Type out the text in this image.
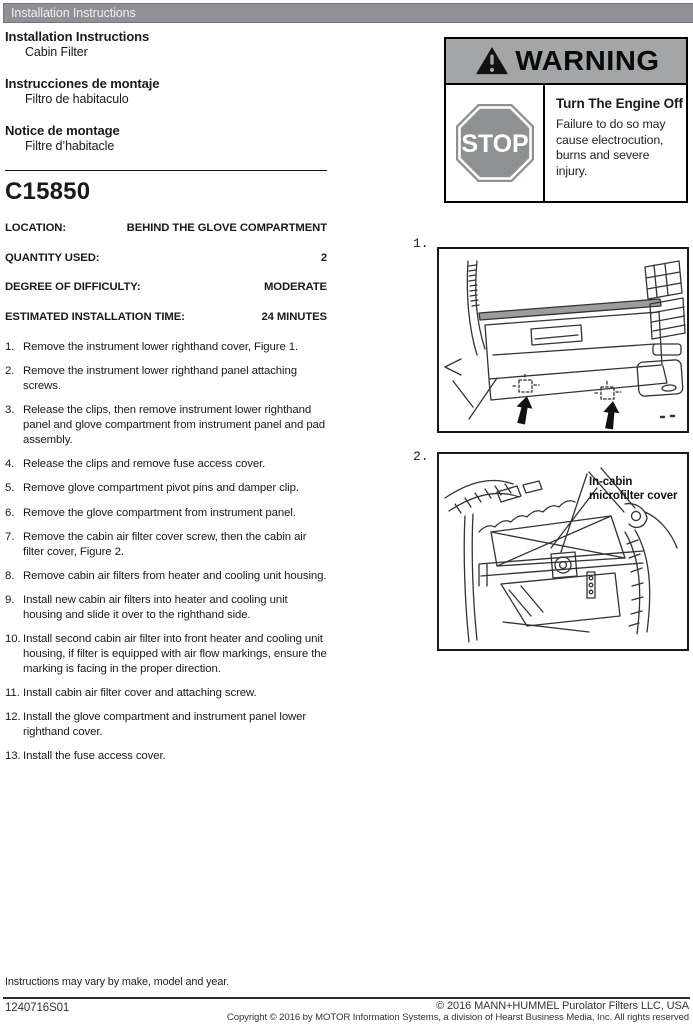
Installation Instructions
Installation Instructions
Cabin Filter
Instrucciones de montaje
Filtro de habitaculo
Notice de montage
Filtre d’habitacle
C15850
LOCATION:	BEHIND THE GLOVE COMPARTMENT
QUANTITY USED:	2
DEGREE OF DIFFICULTY:	MODERATE
ESTIMATED INSTALLATION TIME:	24 MINUTES
1. Remove the instrument lower righthand cover, Figure 1.
2. Remove the instrument lower righthand panel attaching screws.
3. Release the clips, then remove instrument lower righthand panel and glove compartment from instrument panel and pad assembly.
4. Release the clips and remove fuse access cover.
5. Remove glove compartment pivot pins and damper clip.
6. Remove the glove compartment from instrument panel.
7. Remove the cabin air filter cover screw, then the cabin air filter cover, Figure 2.
8. Remove cabin air filters from heater and cooling unit housing.
9. Install new cabin air filters into heater and cooling unit housing and slide it over to the righthand side.
10. Install second cabin air filter into front heater and cooling unit housing, if filter is equipped with air flow markings, ensure the marking is facing in the proper direction.
11. Install cabin air filter cover and attaching screw.
12. Install the glove compartment and instrument panel lower righthand cover.
13. Install the fuse access cover.
WARNING
STOP
Turn The Engine Off
Failure to do so may cause electrocution, burns and severe injury.
1.
2.
In-cabin microfilter cover
Instructions may vary by make, model and year.
1240716S01	© 2016 MANN+HUMMEL Purolator Filters LLC, USA
Copyright © 2016 by MOTOR Information Systems, a division of Hearst Business Media, Inc. All rights reserved
